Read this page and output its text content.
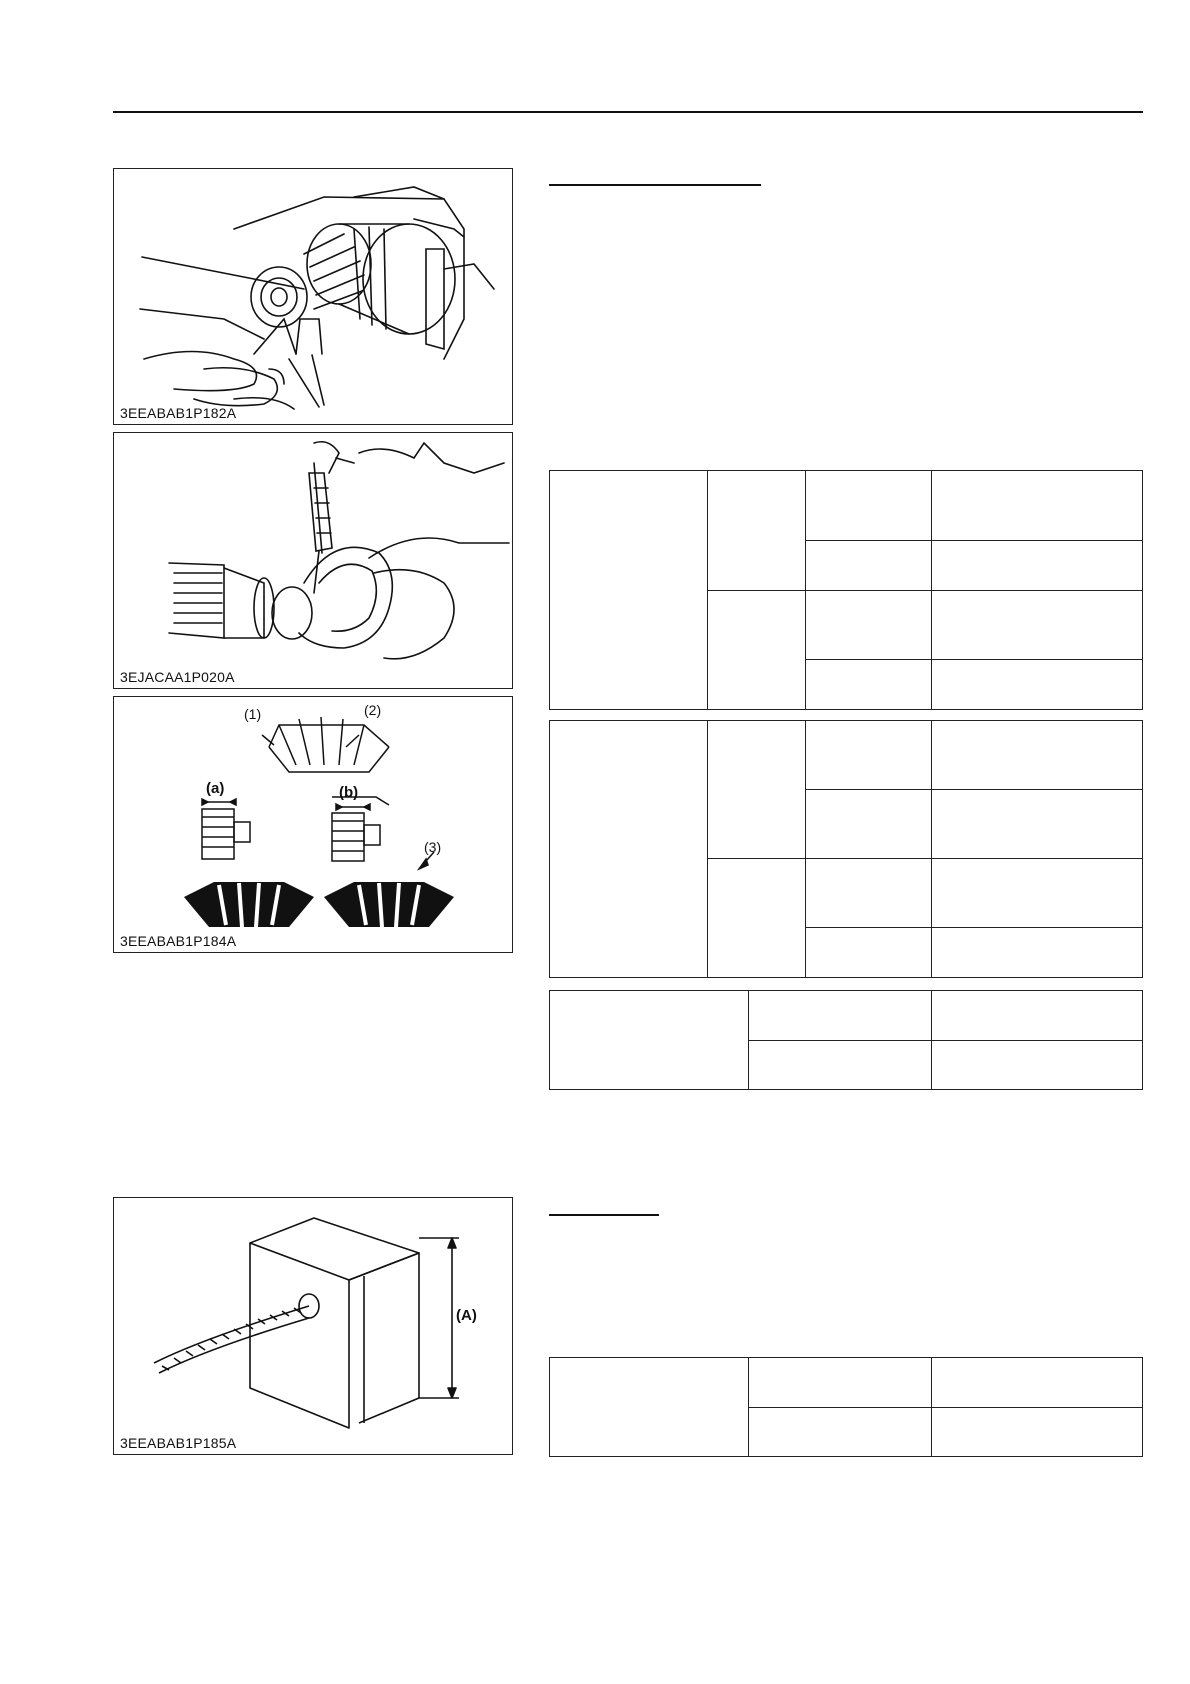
3EEABAB1P182A
3EJACAA1P020A
(1)	(2)
(a)	(b)
(3)
3EEABAB1P184A
(A)
3EEABAB1P185A
